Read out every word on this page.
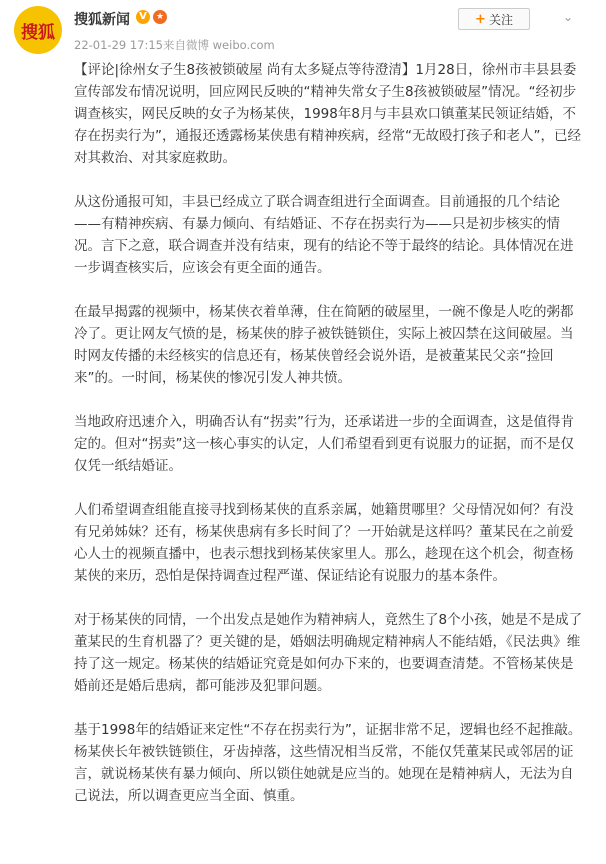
搜狐
搜狐新闻 V	★
22-01-29 17:15来自微博 weibo.com
+ 关注	⌄

【评论|徐州女子生8孩被锁破屋 尚有太多疑点等待澄清】1月28日，徐州市丰县县委宣传部发布情况说明，回应网民反映的“精神失常女子生8孩被锁破屋”情况。“经初步调查核实，网民反映的女子为杨某侠，1998年8月与丰县欢口镇董某民领证结婚，不存在拐卖行为”，通报还透露杨某侠患有精神疾病，经常“无故殴打孩子和老人”，已经对其救治、对其家庭救助。

从这份通报可知，丰县已经成立了联合调查组进行全面调查。目前通报的几个结论——有精神疾病、有暴力倾向、有结婚证、不存在拐卖行为——只是初步核实的情况。言下之意，联合调查并没有结束，现有的结论不等于最终的结论。具体情况在进一步调查核实后，应该会有更全面的通告。

在最早揭露的视频中，杨某侠衣着单薄，住在简陋的破屋里，一碗不像是人吃的粥都冷了。更让网友气愤的是，杨某侠的脖子被铁链锁住，实际上被囚禁在这间破屋。当时网友传播的未经核实的信息还有，杨某侠曾经会说外语，是被董某民父亲“捡回来”的。一时间，杨某侠的惨况引发人神共愤。

当地政府迅速介入，明确否认有“拐卖”行为，还承诺进一步的全面调查，这是值得肯定的。但对“拐卖”这一核心事实的认定，人们希望看到更有说服力的证据，而不是仅仅凭一纸结婚证。

人们希望调查组能直接寻找到杨某侠的直系亲属，她籍贯哪里？父母情况如何？有没有兄弟姊妹？还有，杨某侠患病有多长时间了？一开始就是这样吗？董某民在之前爱心人士的视频直播中，也表示想找到杨某侠家里人。那么，趁现在这个机会，彻查杨某侠的来历，恐怕是保持调查过程严谨、保证结论有说服力的基本条件。

对于杨某侠的同情，一个出发点是她作为精神病人，竟然生了8个小孩，她是不是成了董某民的生育机器了？更关键的是，婚姻法明确规定精神病人不能结婚，《民法典》维持了这一规定。杨某侠的结婚证究竟是如何办下来的，也要调查清楚。不管杨某侠是婚前还是婚后患病，都可能涉及犯罪问题。

基于1998年的结婚证来定性“不存在拐卖行为”，证据非常不足，逻辑也经不起推敲。杨某侠长年被铁链锁住，牙齿掉落，这些情况相当反常，不能仅凭董某民或邻居的证言，就说杨某侠有暴力倾向、所以锁住她就是应当的。她现在是精神病人，无法为自己说法，所以调查更应当全面、慎重。
